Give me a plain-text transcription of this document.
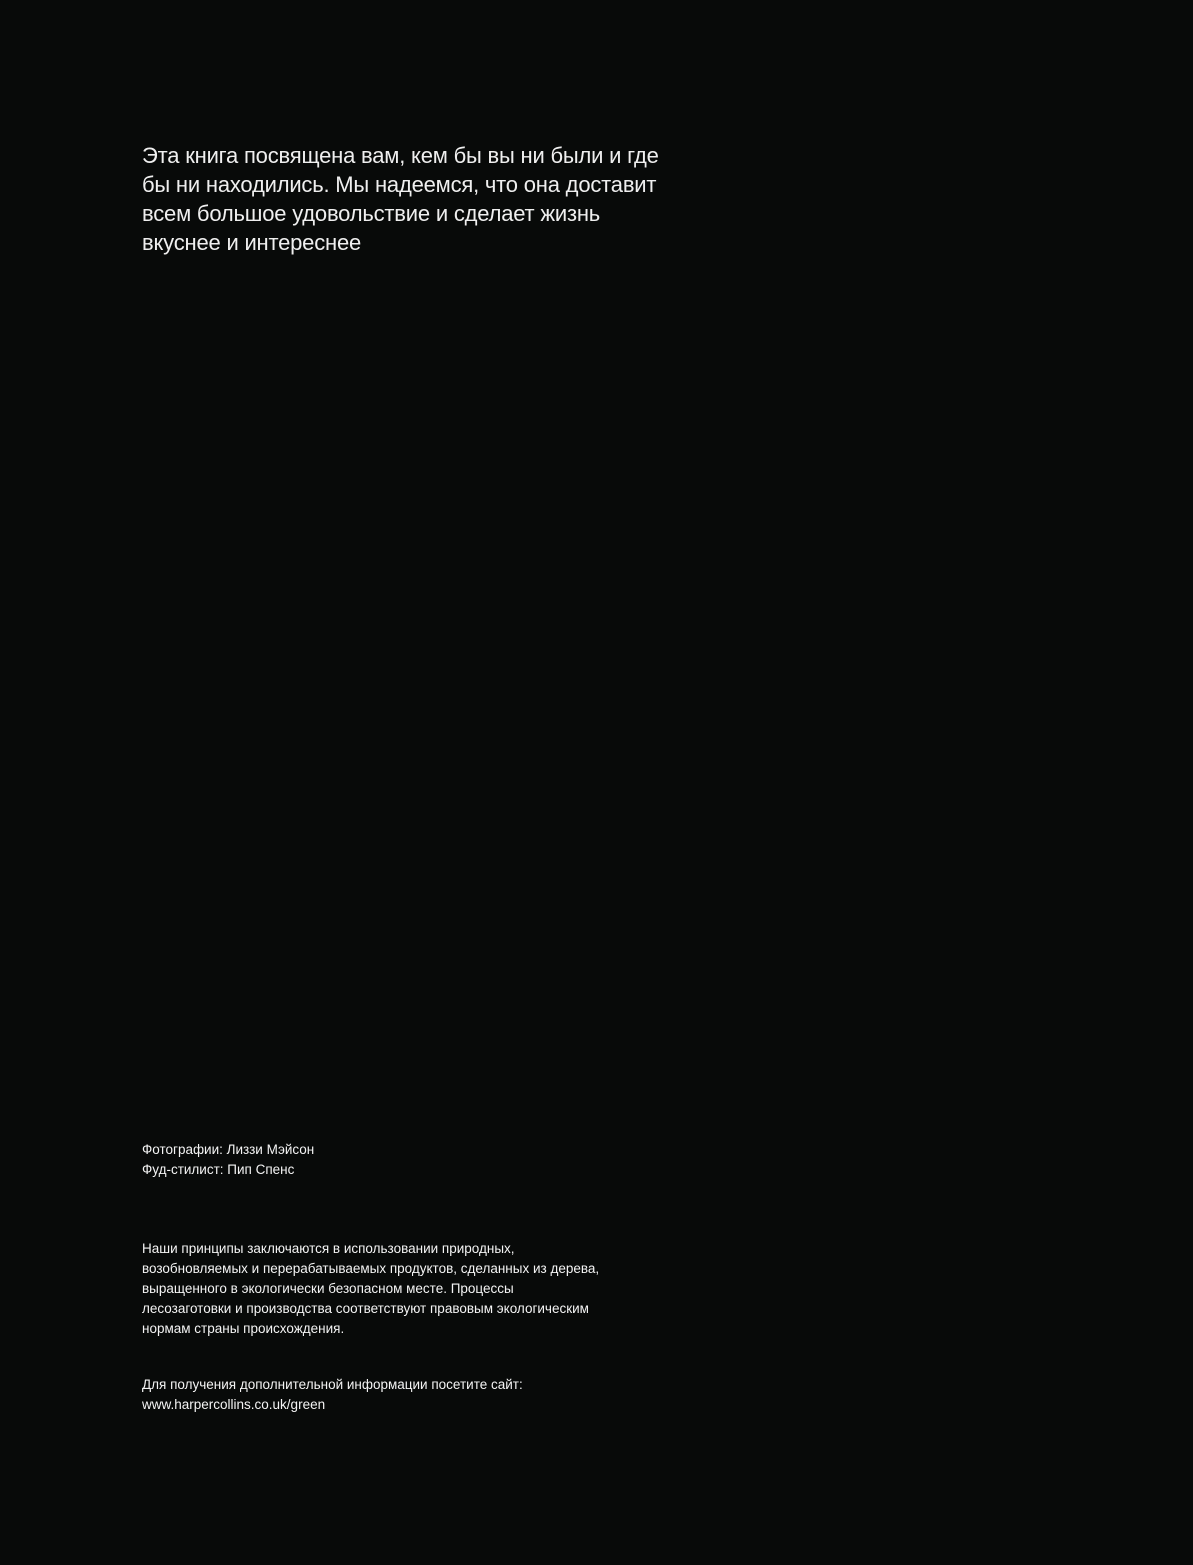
Эта книга посвящена вам, кем бы вы ни были и где
бы ни находились. Мы надеемся, что она доставит
всем большое удовольствие и сделает жизнь
вкуснее и интереснее
Фотографии: Лиззи Мэйсон
Фуд-стилист: Пип Спенс
Наши принципы заключаются в использовании природных,
возобновляемых и перерабатываемых продуктов, сделанных из дерева,
выращенного в экологически безопасном месте. Процессы
лесозаготовки и производства соответствуют правовым экологическим
нормам страны происхождения.
Для получения дополнительной информации посетите сайт:
www.harpercollins.co.uk/green
